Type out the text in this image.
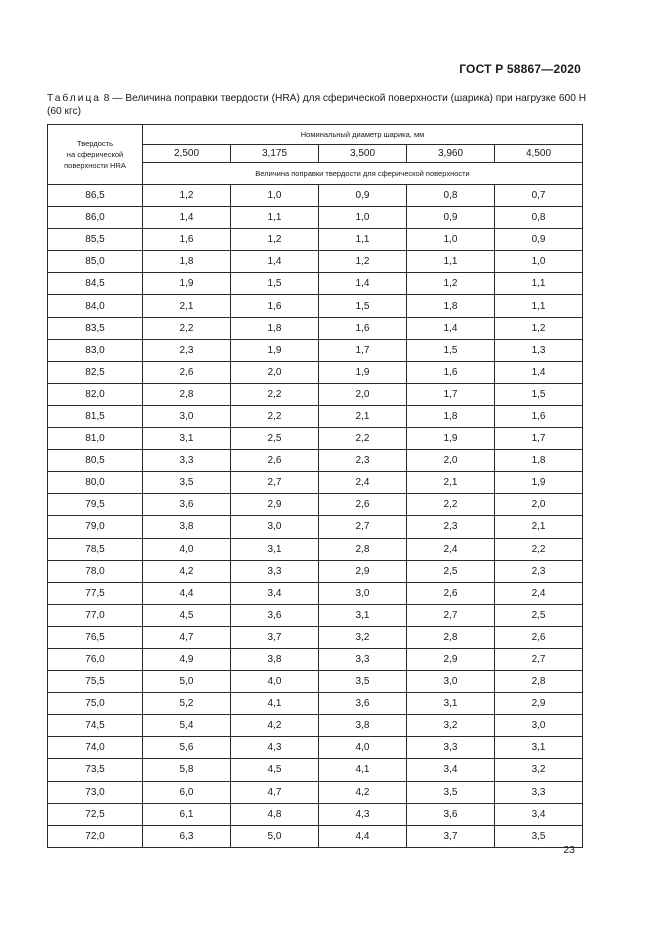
ГОСТ Р 58867—2020
Таблица 8 — Величина поправки твердости (HRA) для сферической поверхности (шарика) при нагрузке 600 Н (60 кгс)
Твердость
на сферической
поверхности HRA	Номинальный диаметр шарика, мм				
	2,500	3,175	3,500	3,960	4,500
	Величина поправки твердости для сферической поверхности				
86,5	1,2	1,0	0,9	0,8	0,7
86,0	1,4	1,1	1,0	0,9	0,8
85,5	1,6	1,2	1,1	1,0	0,9
85,0	1,8	1,4	1,2	1,1	1,0
84,5	1,9	1,5	1,4	1,2	1,1
84,0	2,1	1,6	1,5	1,8	1,1
83,5	2,2	1,8	1,6	1,4	1,2
83,0	2,3	1,9	1,7	1,5	1,3
82,5	2,6	2,0	1,9	1,6	1,4
82,0	2,8	2,2	2,0	1,7	1,5
81,5	3,0	2,2	2,1	1,8	1,6
81,0	3,1	2,5	2,2	1,9	1,7
80,5	3,3	2,6	2,3	2,0	1,8
80,0	3,5	2,7	2,4	2,1	1,9
79,5	3,6	2,9	2,6	2,2	2,0
79,0	3,8	3,0	2,7	2,3	2,1
78,5	4,0	3,1	2,8	2,4	2,2
78,0	4,2	3,3	2,9	2,5	2,3
77,5	4,4	3,4	3,0	2,6	2,4
77,0	4,5	3,6	3,1	2,7	2,5
76,5	4,7	3,7	3,2	2,8	2,6
76,0	4,9	3,8	3,3	2,9	2,7
75,5	5,0	4,0	3,5	3,0	2,8
75,0	5,2	4,1	3,6	3,1	2,9
74,5	5,4	4,2	3,8	3,2	3,0
74,0	5,6	4,3	4,0	3,3	3,1
73,5	5,8	4,5	4,1	3,4	3,2
73,0	6,0	4,7	4,2	3,5	3,3
72,5	6,1	4,8	4,3	3,6	3,4
72,0	6,3	5,0	4,4	3,7	3,5
23
